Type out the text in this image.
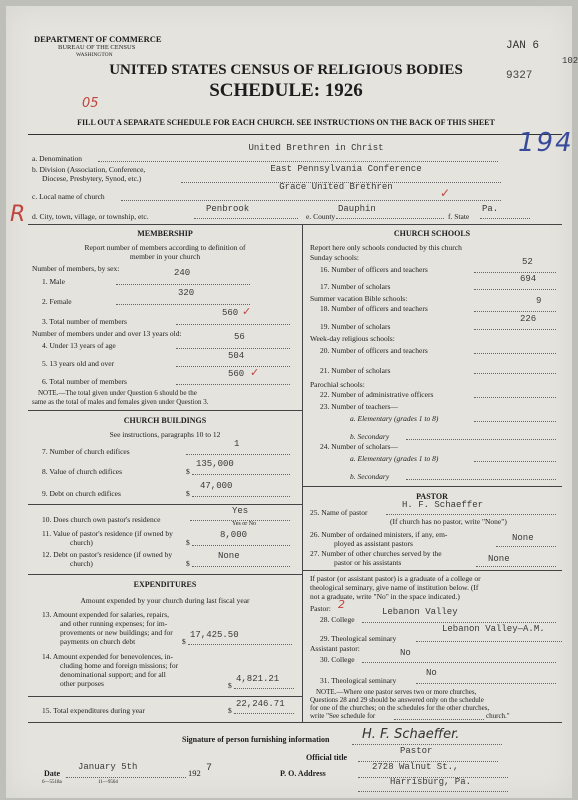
DEPARTMENT OF COMMERCE
BUREAU OF THE CENSUS
WASHINGTON
UNITED STATES CENSUS OF RELIGIOUS BODIES
SCHEDULE: 1926
05
JAN 6
9327
102
FILL OUT A SEPARATE SCHEDULE FOR EACH CHURCH. SEE INSTRUCTIONS ON THE BACK OF THIS SHEET
194
a. Denomination
United Brethren in Christ
b. Division (Association, Conference,
Diocese, Presbytery, Synod, etc.)
East Pennsylvania Conference
c. Local name of church
Grace United Brethren	✓
R d. City, town, village, or township, etc.
Penbrook
e. County
Dauphin
f. State
Pa.
MEMBERSHIP
Report number of members according to definition of
member in your church
Number of members, by sex:
1. Male
240
2. Female
320
3. Total number of members
560 ✓
Number of members under and over 13 years old:
4. Under 13 years of age
56
5. 13 years old and over
504
6. Total number of members
560 ✓
NOTE.—The total given under Question 6 should be the
same as the total of males and females given under Question 3.
CHURCH BUILDINGS
See instructions, paragraphs 10 to 12
7. Number of church edifices
1
8. Value of church edifices	$
135,000
9. Debt on church edifices	$
47,000
10. Does church own pastor's residence
Yes
Yes or No
11. Value of pastor's residence (if owned by
church)	$
8,000
12. Debt on pastor's residence (if owned by
church)	$
None
EXPENDITURES
Amount expended by your church during last fiscal year
13. Amount expended for salaries, repairs,
and other running expenses; for im-
provements or new buildings; and for
payments on church debt	$
17,425.50
14. Amount expended for benevolences, in-
cluding home and foreign missions; for
denominational support; and for all
other purposes	$
4,821.21
15. Total expenditures during year	$
22,246.71
CHURCH SCHOOLS
Report here only schools conducted by this church
Sunday schools:
16. Number of officers and teachers
52
17. Number of scholars
694
Summer vacation Bible schools:
18. Number of officers and teachers
9
19. Number of scholars
226
Week-day religious schools:
20. Number of officers and teachers
21. Number of scholars
Parochial schools:
22. Number of administrative officers
23. Number of teachers—
a. Elementary (grades 1 to 8)
b. Secondary
24. Number of scholars—
a. Elementary (grades 1 to 8)
b. Secondary
PASTOR
25. Name of pastor
H. F. Schaeffer
(If church has no pastor, write "None")
26. Number of ordained ministers, if any, em-
ployed as assistant pastors
None
27. Number of other churches served by the
pastor or his assistants	None
If pastor (or assistant pastor) is a graduate of a college or
theological seminary, give name of institution below. (If
not a graduate, write "No" in the space indicated.)
Pastor: 2
28. College
Lebanon Valley
29. Theological seminary
Lebanon Valley—A.M.
Assistant pastor:
30. College
No
31. Theological seminary
No
NOTE.—Where one pastor serves two or more churches,
Questions 28 and 29 should be answered only on the schedule
for one of the churches; on the schedules for the other churches,
write "See schedule for	church."
Signature of person furnishing information	H. F. Schaeffer.
Official title
Pastor
Date
January 5th
192 7
6—5518a	11—9564
P. O. Address
2728 Walnut St.,
Harrisburg, Pa.
